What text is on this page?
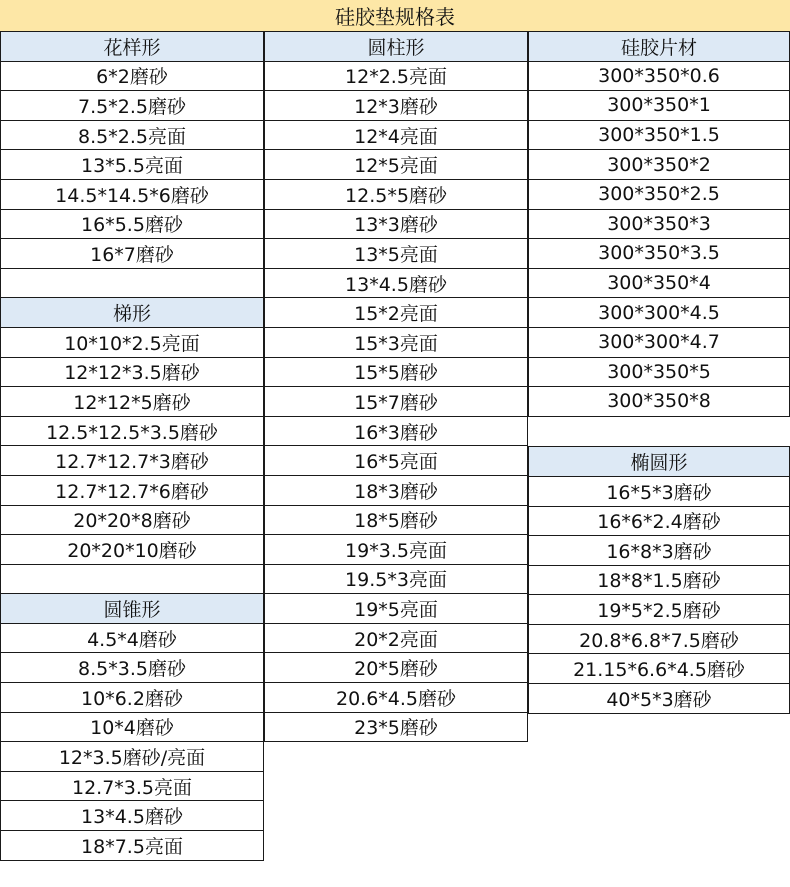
硅胶垫规格表
花样形
6*2磨砂
7.5*2.5磨砂
8.5*2.5亮面
13*5.5亮面
14.5*14.5*6磨砂
16*5.5磨砂
16*7磨砂
梯形
10*10*2.5亮面
12*12*3.5磨砂
12*12*5磨砂
12.5*12.5*3.5磨砂
12.7*12.7*3磨砂
12.7*12.7*6磨砂
20*20*8磨砂
20*20*10磨砂
圆锥形
4.5*4磨砂
8.5*3.5磨砂
10*6.2磨砂
10*4磨砂
12*3.5磨砂/亮面
12.7*3.5亮面
13*4.5磨砂
18*7.5亮面
圆柱形
12*2.5亮面
12*3磨砂
12*4亮面
12*5亮面
12.5*5磨砂
13*3磨砂
13*5亮面
13*4.5磨砂
15*2亮面
15*3亮面
15*5磨砂
15*7磨砂
16*3磨砂
16*5亮面
18*3磨砂
18*5磨砂
19*3.5亮面
19.5*3亮面
19*5亮面
20*2亮面
20*5磨砂
20.6*4.5磨砂
23*5磨砂
硅胶片材
300*350*0.6
300*350*1
300*350*1.5
300*350*2
300*350*2.5
300*350*3
300*350*3.5
300*350*4
300*300*4.5
300*300*4.7
300*350*5
300*350*8
椭圆形
16*5*3磨砂
16*6*2.4磨砂
16*8*3磨砂
18*8*1.5磨砂
19*5*2.5磨砂
20.8*6.8*7.5磨砂
21.15*6.6*4.5磨砂
40*5*3磨砂
